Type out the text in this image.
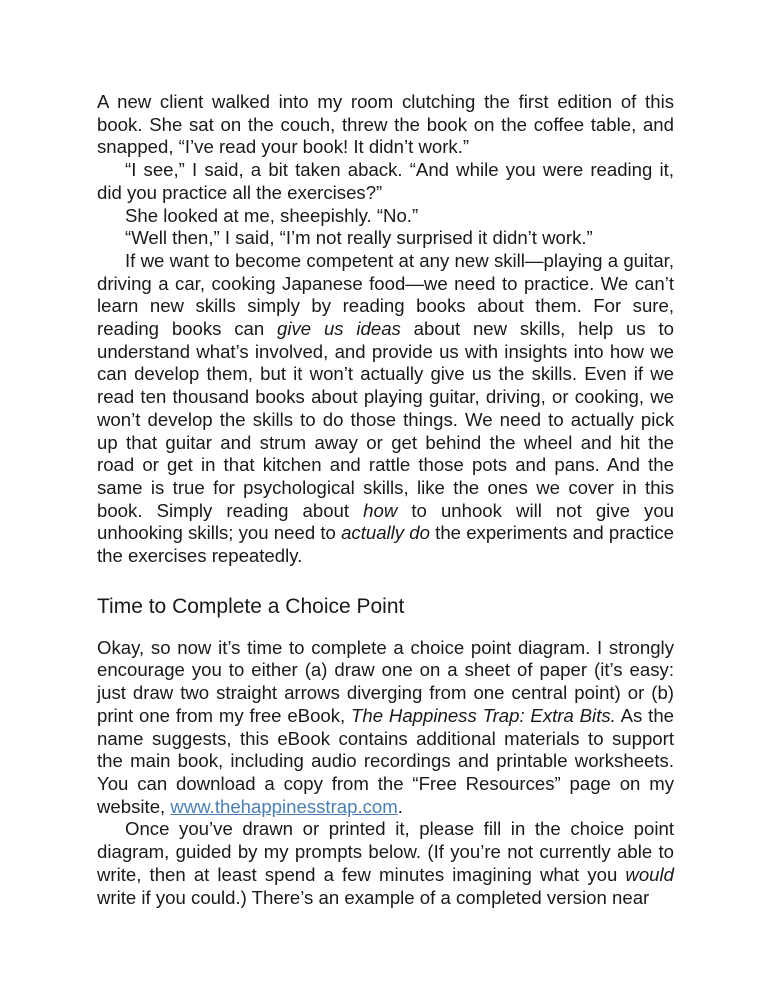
A new client walked into my room clutching the first edition of this book. She sat on the couch, threw the book on the coffee table, and snapped, “I’ve read your book! It didn’t work.”

“I see,” I said, a bit taken aback. “And while you were reading it, did you practice all the exercises?”

She looked at me, sheepishly. “No.”

“Well then,” I said, “I’m not really surprised it didn’t work.”

If we want to become competent at any new skill—playing a guitar, driving a car, cooking Japanese food—we need to practice. We can’t learn new skills simply by reading books about them. For sure, reading books can give us ideas about new skills, help us to understand what’s involved, and provide us with insights into how we can develop them, but it won’t actually give us the skills. Even if we read ten thousand books about playing guitar, driving, or cooking, we won’t develop the skills to do those things. We need to actually pick up that guitar and strum away or get behind the wheel and hit the road or get in that kitchen and rattle those pots and pans. And the same is true for psychological skills, like the ones we cover in this book. Simply reading about how to unhook will not give you unhooking skills; you need to actually do the experiments and practice the exercises repeatedly.

Time to Complete a Choice Point

Okay, so now it’s time to complete a choice point diagram. I strongly encourage you to either (a) draw one on a sheet of paper (it’s easy: just draw two straight arrows diverging from one central point) or (b) print one from my free eBook, The Happiness Trap: Extra Bits. As the name suggests, this eBook contains additional materials to support the main book, including audio recordings and printable worksheets. You can download a copy from the “Free Resources” page on my website, www.thehappinesstrap.com.

Once you’ve drawn or printed it, please fill in the choice point diagram, guided by my prompts below. (If you’re not currently able to write, then at least spend a few minutes imagining what you would write if you could.) There’s an example of a completed version near
